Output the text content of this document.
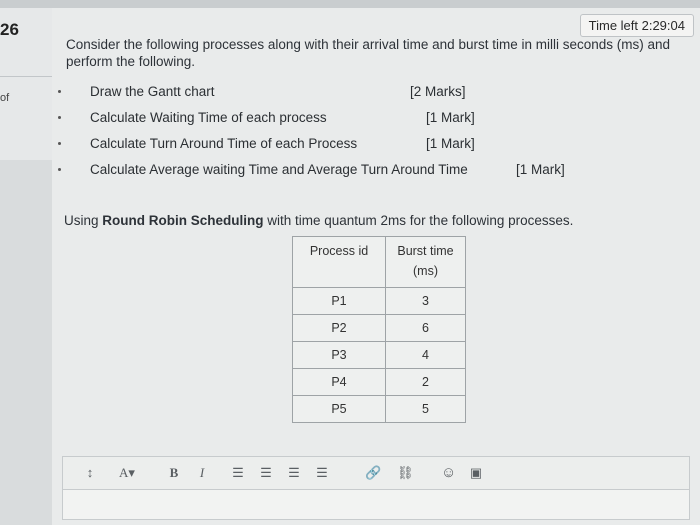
26
of
Time left 2:29:04
Consider the following processes along with their arrival time and burst time in milli seconds (ms) and perform the following.
Draw the Gantt chart	[2 Marks]
Calculate Waiting Time of each process	[1 Mark]
Calculate Turn Around Time of each Process	[1 Mark]
Calculate Average waiting Time and Average Turn Around Time	[1 Mark]
Using Round Robin Scheduling with time quantum 2ms for the following processes.
Process id	Burst time (ms)
P1	3
P2	6
P3	4
P4	2
P5	5
↕ A▾	B	I	☰ ☰ ☰ ☰	🔗 ⛓ ☺ ▣
